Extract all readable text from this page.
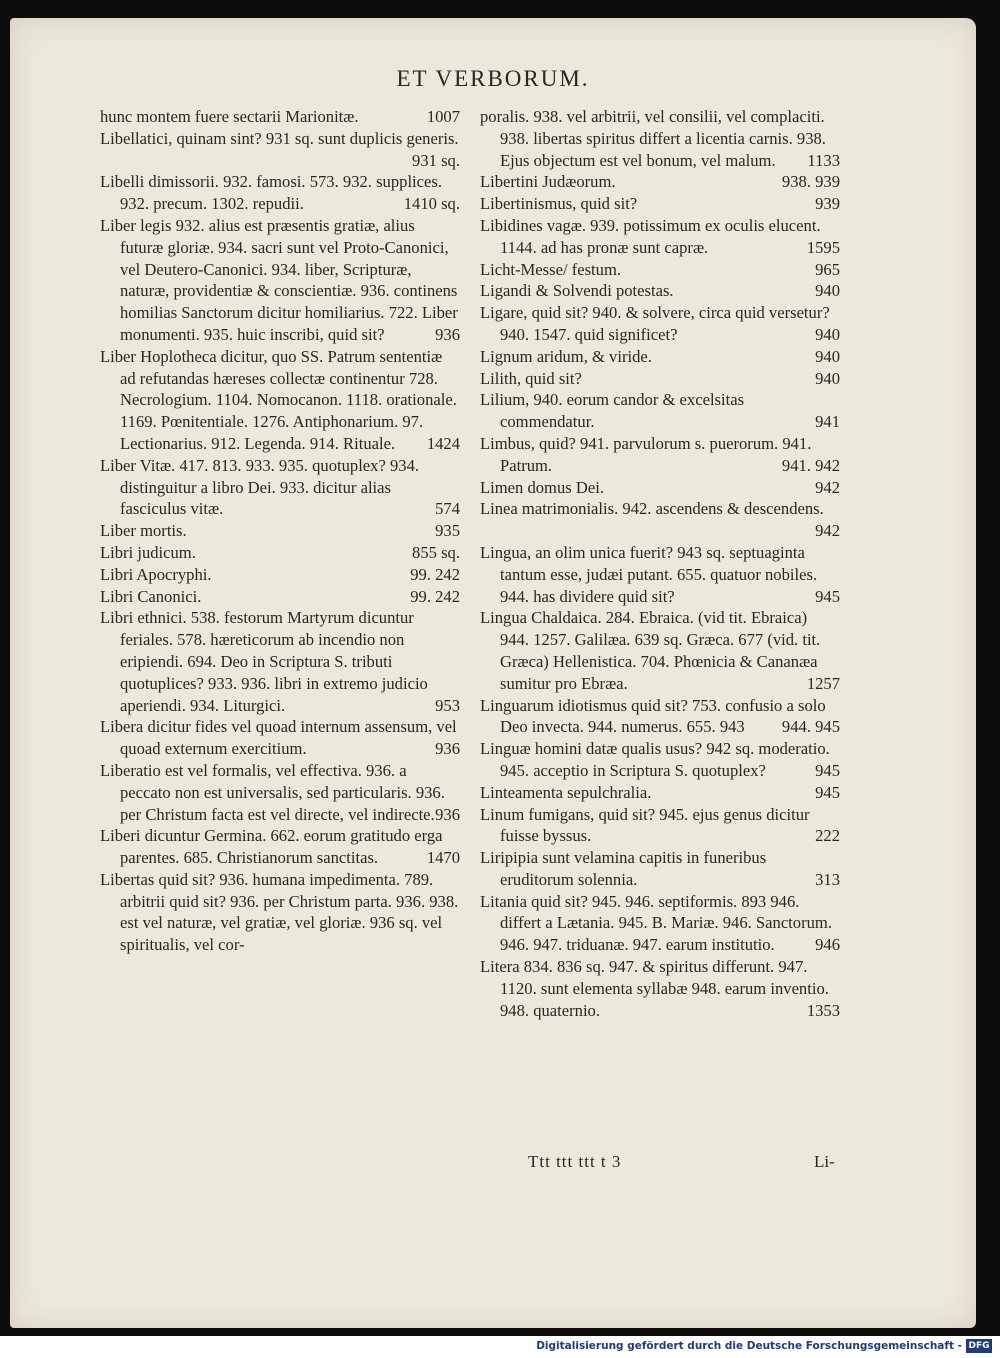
ET VERBORUM.
hunc montem fuere sectarii Marionitæ.	1007
Libellatici, quinam sint? 931 sq. sunt duplicis generis.
931 sq.
Libelli dimissorii. 932. famosi. 573. 932. supplices. 932. precum. 1302. repudii.	1410 sq.
Liber legis 932. alius est præsentis gratiæ, alius futuræ gloriæ. 934. sacri sunt vel Proto-Canonici, vel Deutero-Canonici. 934. liber, Scripturæ, naturæ, providentiæ & conscientiæ. 936. continens homilias Sanctorum dicitur homiliarius. 722. Liber monumenti. 935. huic inscribi, quid sit?	936
Liber Hoplotheca dicitur, quo SS. Patrum sententiæ ad refutandas hæreses collectæ continentur 728. Necrologium. 1104. Nomocanon. 1118. orationale. 1169. Pœnitentiale. 1276. Antiphonarium. 97. Lectionarius. 912. Legenda. 914. Rituale. 1424
Liber Vitæ. 417. 813. 933. 935. quotuplex? 934. distinguitur a libro Dei. 933. dicitur alias fasciculus vitæ.	574
Liber mortis.	935
Libri judicum.	855 sq.
Libri Apocryphi.	99. 242
Libri Canonici.	99. 242
Libri ethnici. 538. festorum Martyrum dicuntur feriales. 578. hæreticorum ab incendio non eripiendi. 694. Deo in Scriptura S. tributi quotuplices? 933. 936. libri in extremo judicio aperiendi. 934. Liturgici.	953
Libera dicitur fides vel quoad internum assensum, vel quoad externum exercitium.	936
Liberatio est vel formalis, vel effectiva. 936. a peccato non est universalis, sed particularis. 936. per Christum facta est vel directe, vel indirecte. 936
Liberi dicuntur Germina. 662. eorum gratitudo erga parentes. 685. Christianorum sanctitas.	1470
Libertas quid sit? 936. humana impedimenta. 789. arbitrii quid sit? 936. per Christum parta. 936. 938. est vel naturæ, vel gratiæ, vel gloriæ. 936 sq. vel spiritualis, vel cor-
poralis. 938. vel arbitrii, vel consilii, vel complaciti. 938. libertas spiritus differt a licentia carnis. 938. Ejus objectum est vel bonum, vel malum. 1133
Libertini Judæorum.	938. 939
Libertinismus, quid sit?	939
Libidines vagæ. 939. potissimum ex oculis elucent. 1144. ad has pronæ sunt capræ.	1595
Licht-Messe/ festum.	965
Ligandi & Solvendi potestas.	940
Ligare, quid sit? 940. & solvere, circa quid versetur? 940. 1547. quid significet?	940
Lignum aridum, & viride.	940
Lilith, quid sit?	940
Lilium, 940. eorum candor & excelsitas commendatur.	941
Limbus, quid? 941. parvulorum s. puerorum. 941. Patrum.	941. 942
Limen domus Dei.	942
Linea matrimonialis. 942. ascendens & descendens.
942
Lingua, an olim unica fuerit? 943 sq. septuaginta tantum esse, judæi putant. 655. quatuor nobiles. 944. has dividere quid sit?	945
Lingua Chaldaica. 284. Ebraica. (vid tit. Ebraica) 944. 1257. Galilæa. 639 sq. Græca. 677 (vid. tit. Græca) Hellenistica. 704. Phœnicia & Cananæa sumitur pro Ebræa.	1257
Linguarum idiotismus quid sit? 753. confusio a solo Deo invecta. 944. numerus. 655. 943 944. 945
Linguæ homini datæ qualis usus? 942 sq. moderatio. 945. acceptio in Scriptura S. quotuplex?	945
Linteamenta sepulchralia.	945
Linum fumigans, quid sit? 945. ejus genus dicitur fuisse byssus.	222
Liripipia sunt velamina capitis in funeribus eruditorum solennia.	313
Litania quid sit? 945. 946. septiformis. 893 946. differt a Lætania. 945. B. Mariæ. 946. Sanctorum. 946. 947. triduanæ. 947. earum institutio. 946
Litera 834. 836 sq. 947. & spiritus differunt. 947. 1120. sunt elementa syllabæ 948. earum inventio. 948. quaternio.	1353
Ttt ttt ttt t 3	Li-
Digitalisierung gefördert durch die Deutsche Forschungsgemeinschaft - DFG
